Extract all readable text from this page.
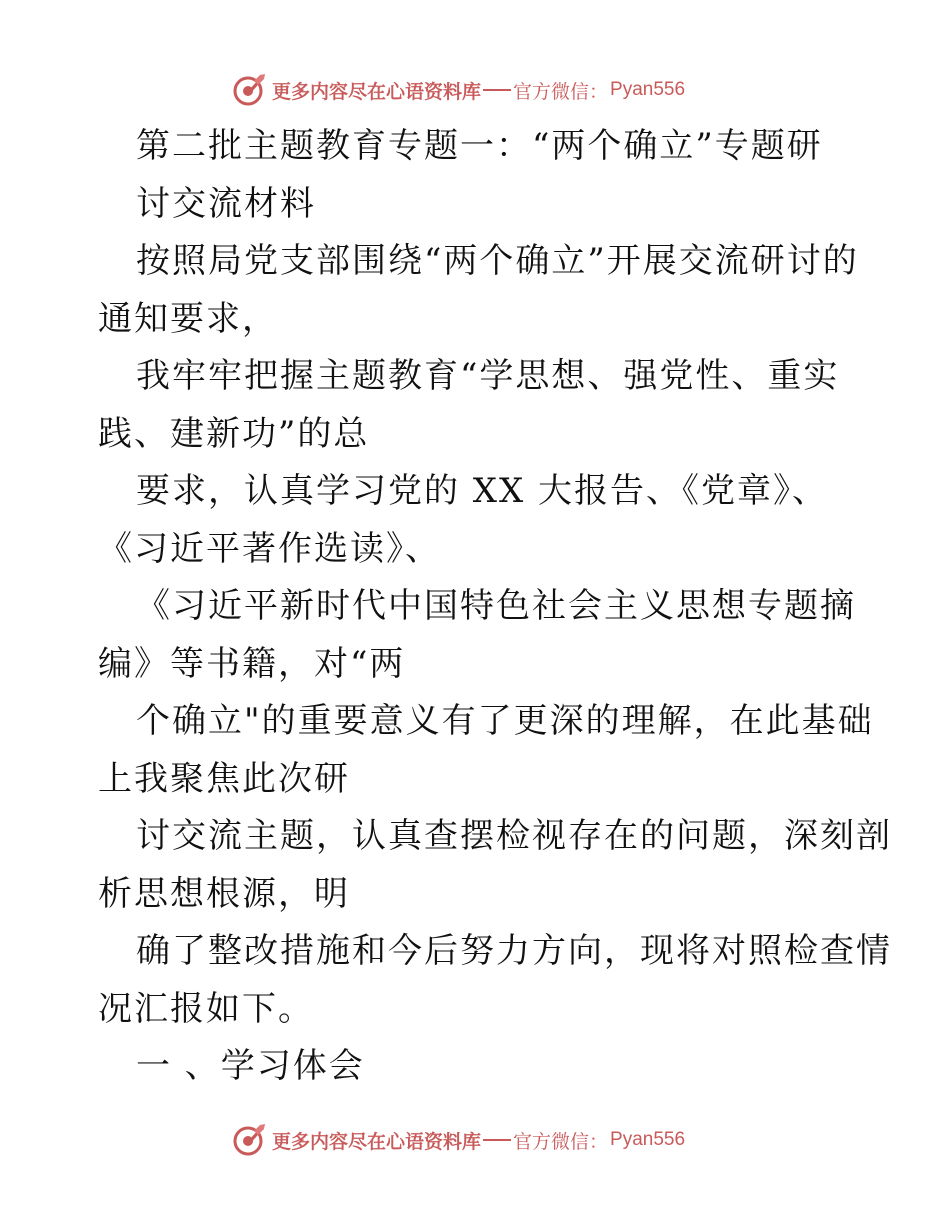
更多内容尽在心语资料库 官方微信： Pyan556
第二批主题教育专题一：“两个确立”专题研
讨交流材料
按照局党支部围绕“两个确立”开展交流研讨的
通知要求，
我牢牢把握主题教育“学思想、强党性、重实
践、建新功”的总
要求，认真学习党的 XX 大报告、《党章》、
《习近平著作选读》、
《习近平新时代中国特色社会主义思想专题摘
编》等书籍，对“两
个确立"的重要意义有了更深的理解，在此基础
上我聚焦此次研
讨交流主题，认真查摆检视存在的问题，深刻剖
析思想根源，明
确了整改措施和今后努力方向，现将对照检查情
况汇报如下。
一 、学习体会
更多内容尽在心语资料库 官方微信： Pyan556
